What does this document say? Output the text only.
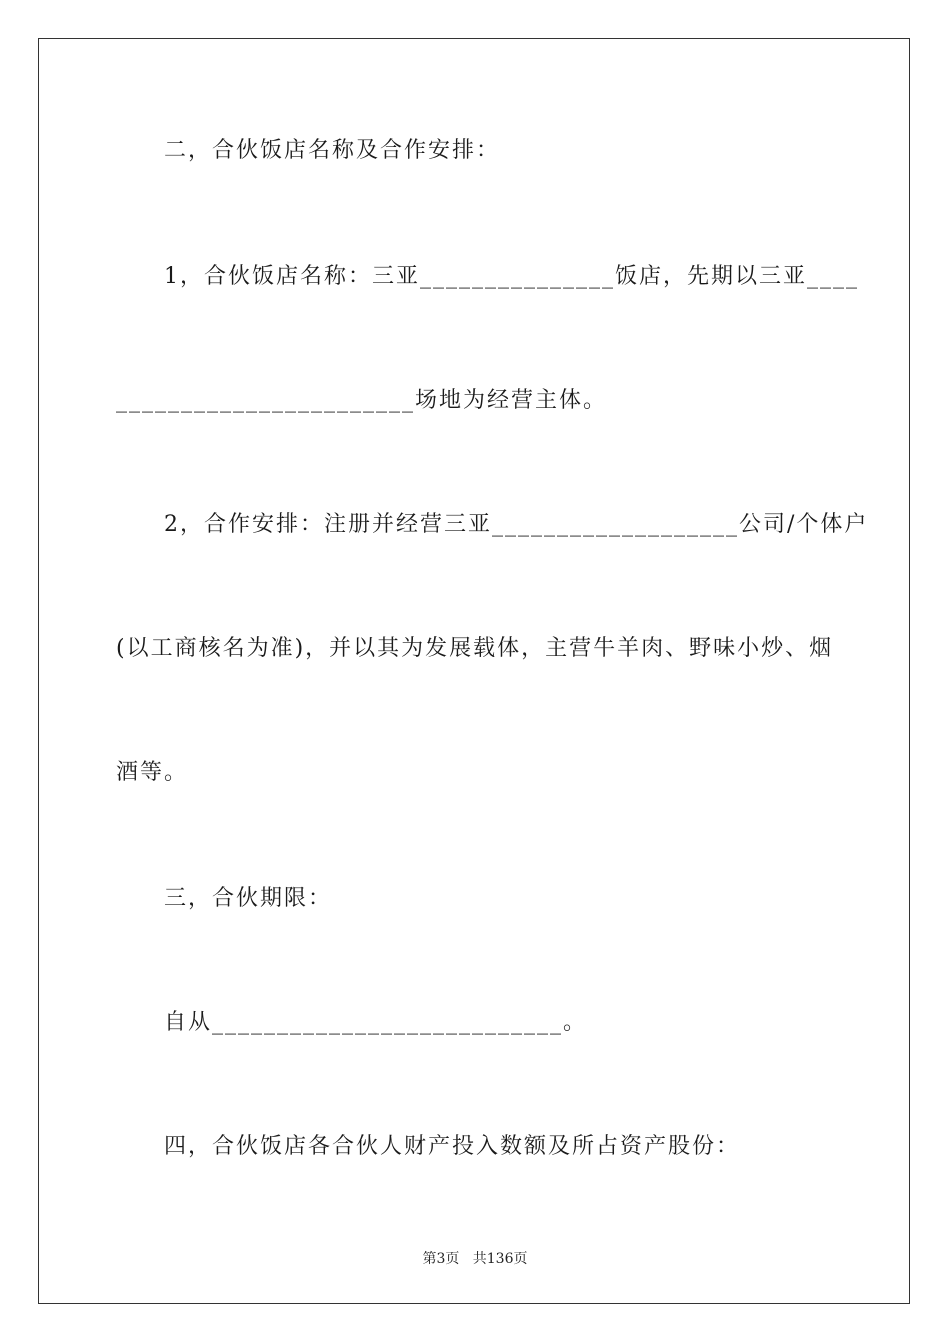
二，合伙饭店名称及合作安排：
1，合伙饭店名称：三亚_______________饭店，先期以三亚____
_______________________场地为经营主体。
2，合作安排：注册并经营三亚___________________公司/个体户
(以工商核名为准)，并以其为发展载体，主营牛羊肉、野味小炒、烟
酒等。
三，合伙期限：
自从___________________________。
四，合伙饭店各合伙人财产投入数额及所占资产股份：
第3页   共136页
